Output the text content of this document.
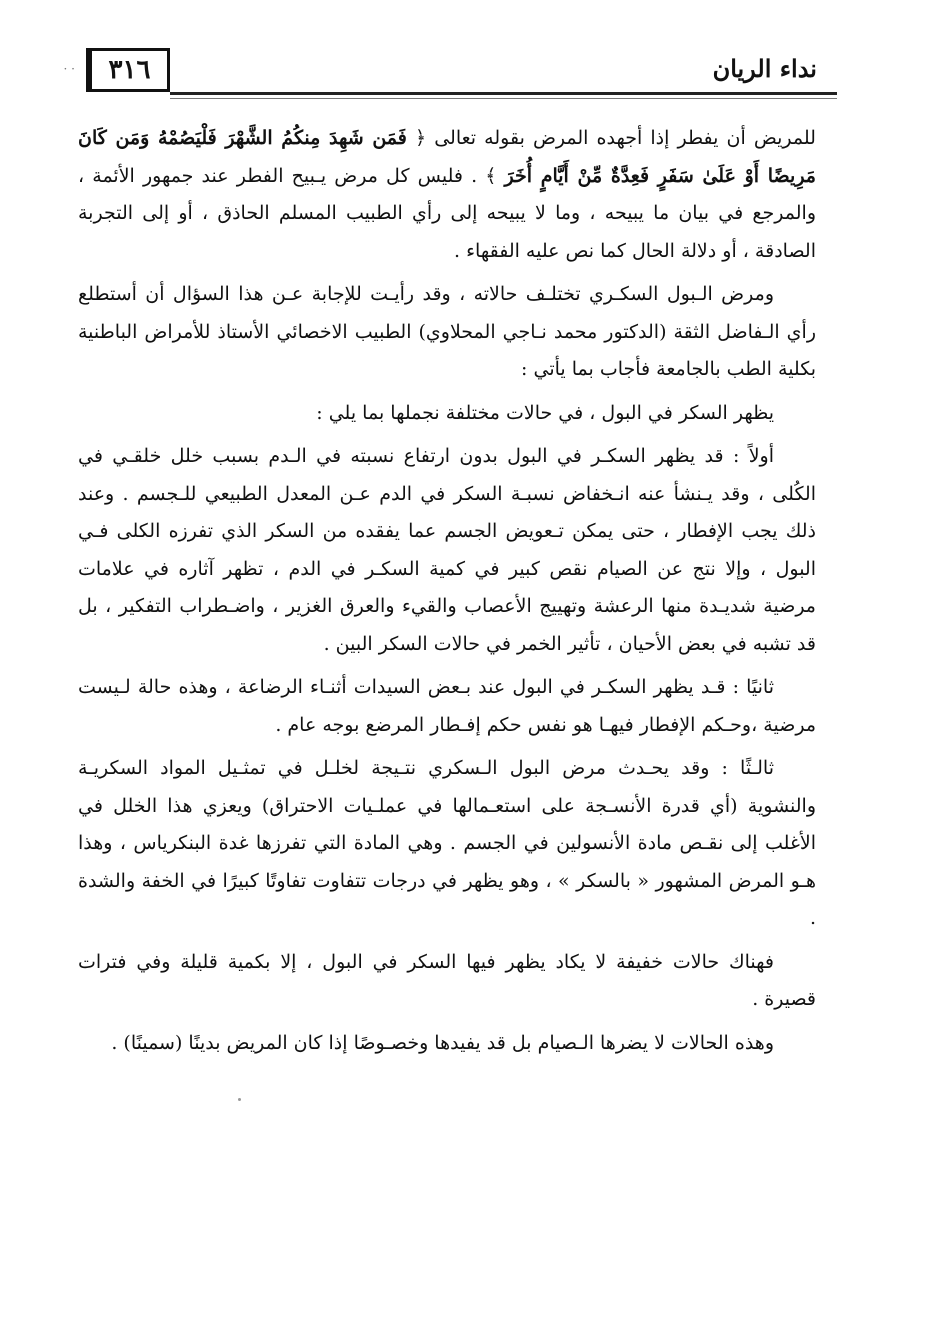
٣١٦	نداء الريان
· ·

للمريض أن يفطر إذا أجهده المرض بقوله تعالى ﴿ فَمَن شَهِدَ مِنكُمُ الشَّهْرَ فَلْيَصُمْهُ وَمَن كَانَ مَرِيضًا أَوْ عَلَىٰ سَفَرٍ فَعِدَّةٌ مِّنْ أَيَّامٍ أُخَرَ ﴾ . فليس كل مرض يـبيح الفطر عند جمهور الأئمة ، والمرجع في بيان ما يبيحه ، وما لا يبيحه إلى رأي الطبيب المسلم الحاذق ، أو إلى التجربة الصادقة ، أو دلالة الحال كما نص عليه الفقهاء .

ومرض الـبول السكـري تختلـف حالاته ، وقد رأيـت للإجابة عـن هذا السؤال أن أستطلع رأي الـفاضل الثقة (الدكتور محمد نـاجي المحلاوي) الطبيب الاخصائي الأستاذ للأمراض الباطنية بكلية الطب بالجامعة فأجاب بما يأتي :

يظهر السكر في البول ، في حالات مختلفة نجملها بما يلي :

أولاً : قد يظهر السكـر في البول بدون ارتفاع نسبته في الـدم بسبب خلل خلقـي في الكُلى ، وقد يـنشأ عنه انـخفاض نسبـة السكر في الدم عـن المعدل الطبيعي للـجسم . وعند ذلك يجب الإفطار ، حتى يمكن تـعويض الجسم عما يفقده من السكر الذي تفرزه الكلى فـي البول ، وإلا نتج عن الصيام نقص كبير في كمية السكـر في الدم ، تظهر آثاره في علامات مرضية شديـدة منها الرعشة وتهييج الأعصاب والقيء والعرق الغزير ، واضـطراب التفكير ، بل قد تشبه في بعض الأحيان ، تأثير الخمر في حالات السكر البين .

ثانيًا : قـد يظهر السكـر في البول عند بـعض السيدات أثنـاء الرضاعة ، وهذه حالة لـيست مرضية ،وحـكم الإفطار فيهـا هو نفس حكم إفـطار المرضع بوجه عام .

ثالـثًا : وقد يحـدث مرض البول الـسكري نتـيجة لخلـل في تمثـيل المواد السكريـة والنشوية (أي قدرة الأنسـجة على استعـمالها في عملـيات الاحتراق) ويعزي هذا الخلل في الأغلب إلى نقـص مادة الأنسولين في الجسم . وهي المادة التي تفرزها غدة البنكرياس ، وهذا هـو المرض المشهور « بالسكر » ، وهو يظهر في درجات تتفاوت تفاوتًا كبيرًا في الخفة والشدة .

فهناك حالات خفيفة لا يكاد يظهر فيها السكر في البول ، إلا بكمية قليلة وفي فترات قصيرة .

وهذه الحالات لا يضرها الـصيام بل قد يفيدها وخصـوصًا إذا كان المريض بدينًا (سمينًا) .
